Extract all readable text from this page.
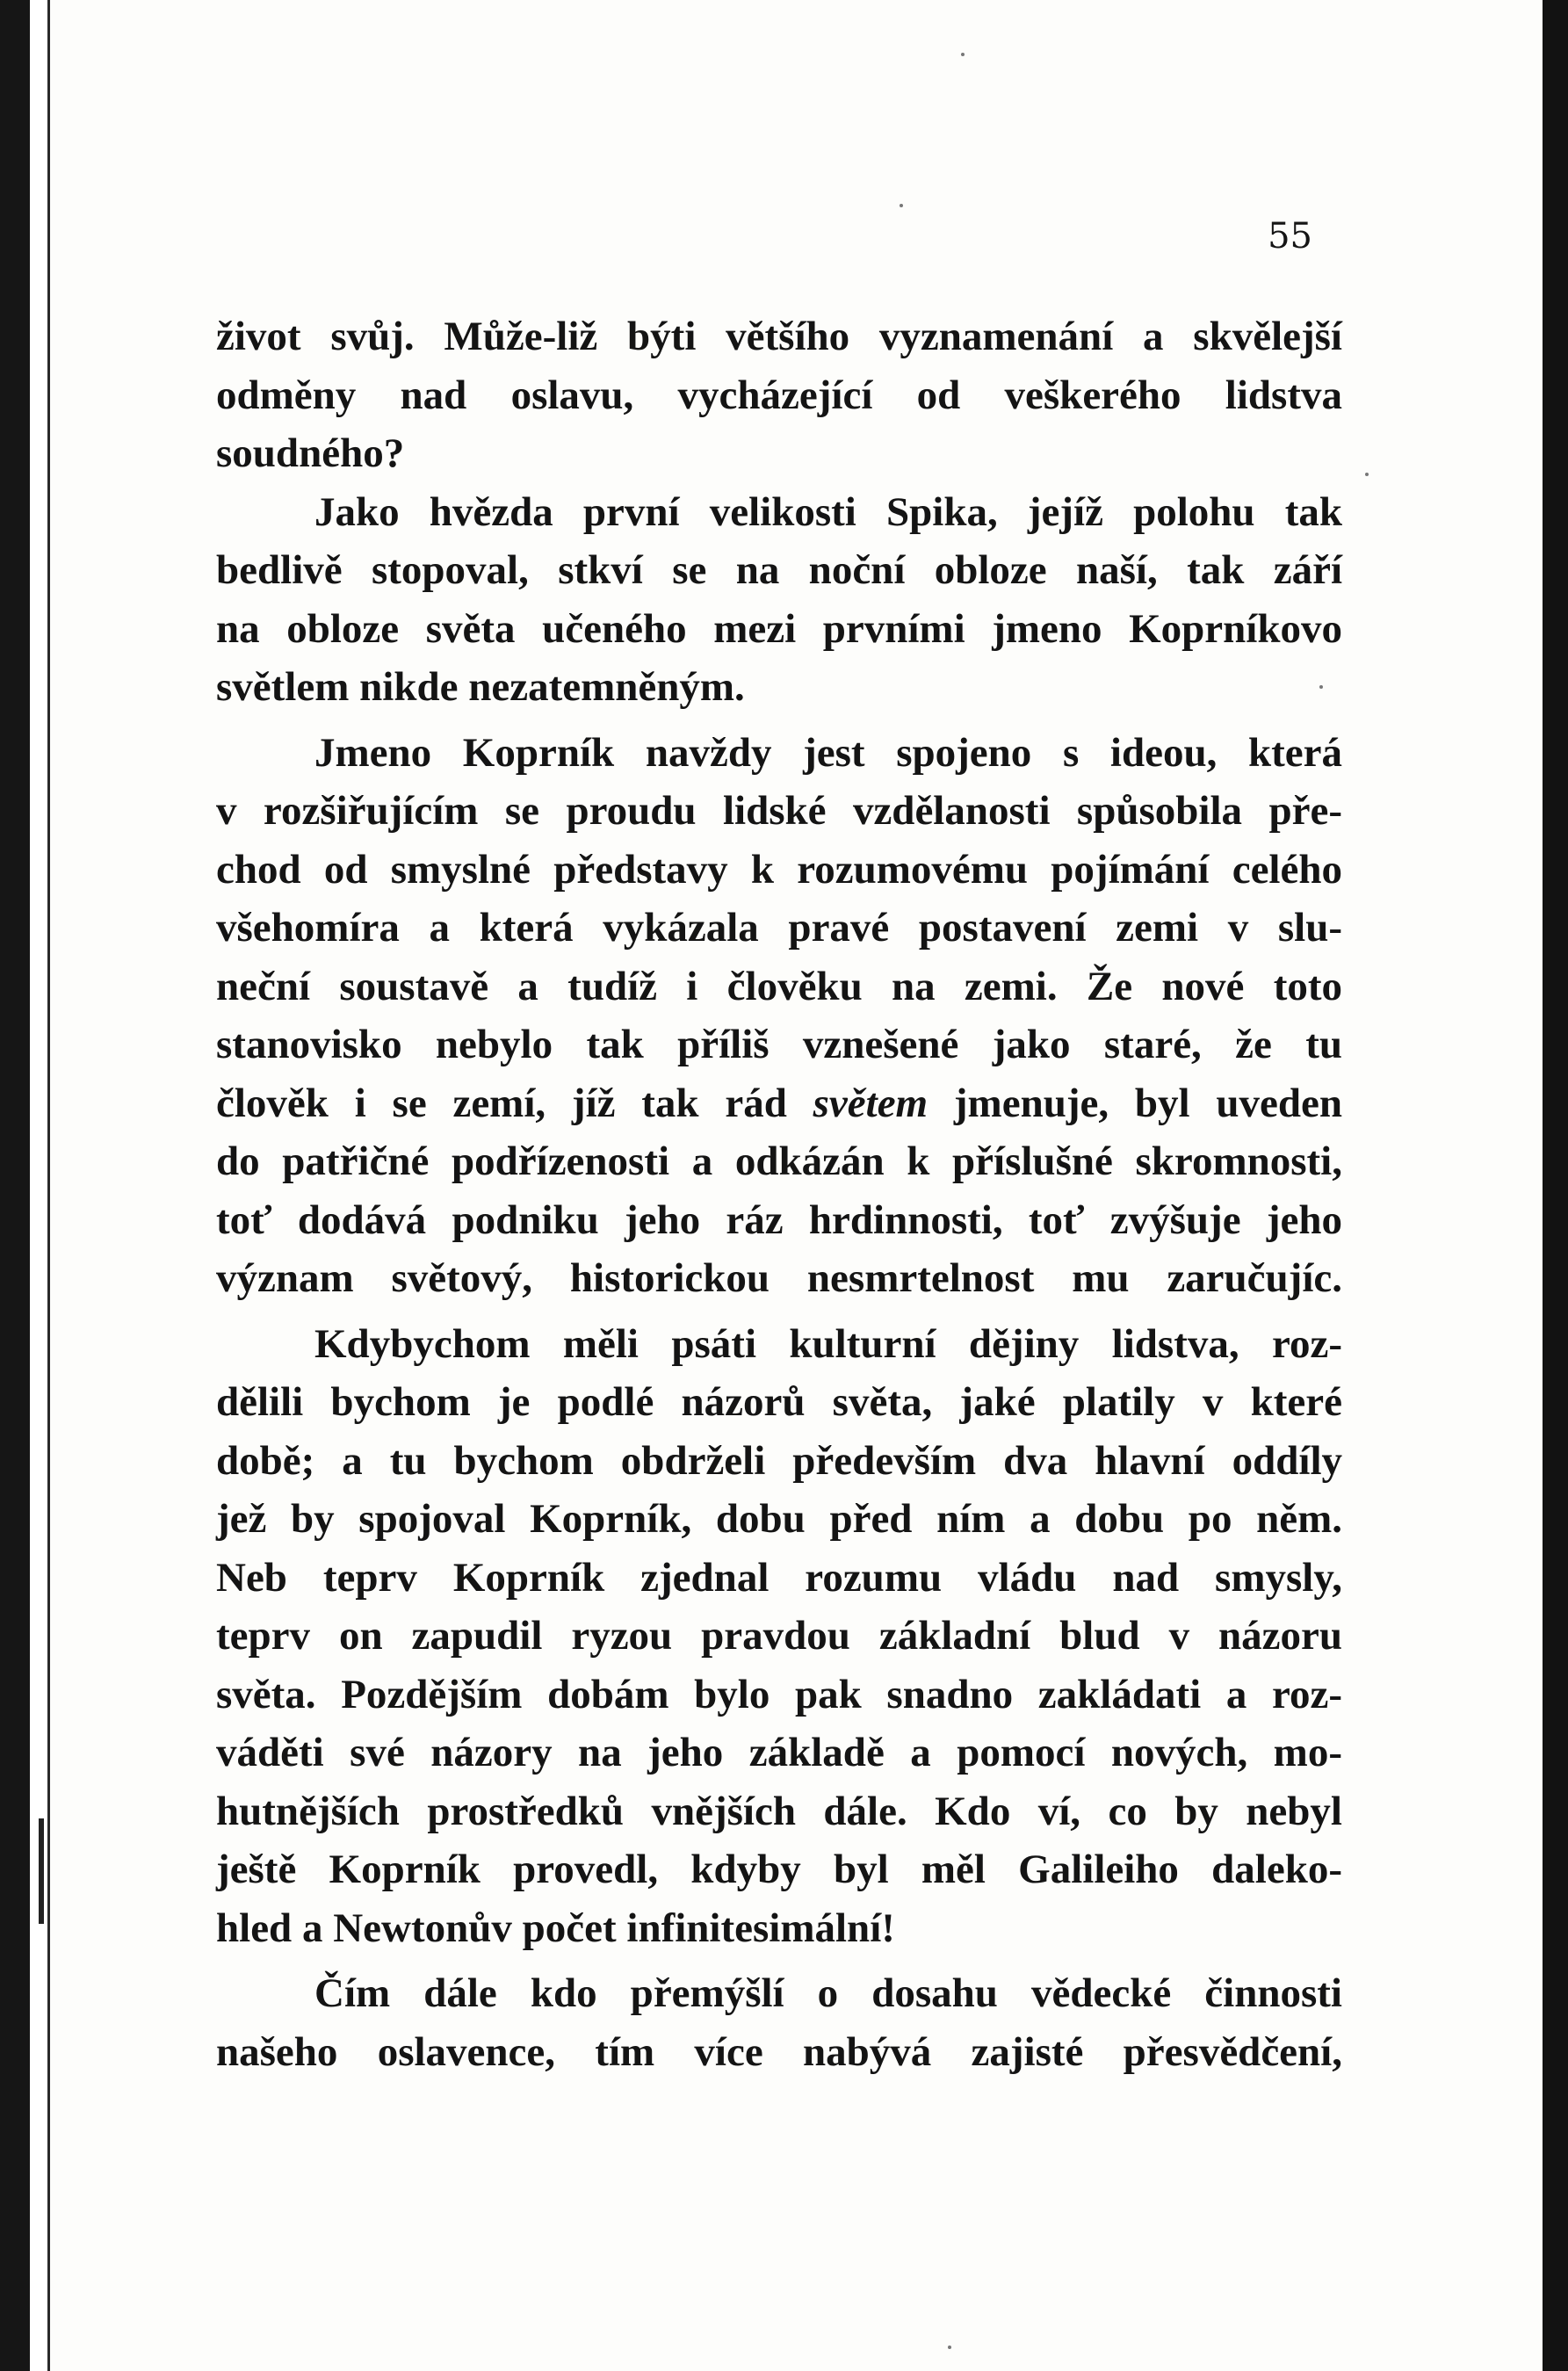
55
život svůj. Může-liž býti většího vyznamenání a skvělejší
odměny nad oslavu, vycházející od veškerého lidstva
soudného?
Jako hvězda první velikosti Spika, jejíž polohu tak
bedlivě stopoval, stkví se na noční obloze naší, tak září
na obloze světa učeného mezi prvními jmeno Koprníkovo
světlem nikde nezatemněným.
Jmeno Koprník navždy jest spojeno s ideou, která
v rozšiřujícím se proudu lidské vzdělanosti spůsobila pře-
chod od smyslné představy k rozumovému pojímání celého
všehomíra a která vykázala pravé postavení zemi v slu-
neční soustavě a tudíž i člověku na zemi. Že nové toto
stanovisko nebylo tak příliš vznešené jako staré, že tu
člověk i se zemí, jíž tak rád světem jmenuje, byl uveden
do patřičné podřízenosti a odkázán k příslušné skromnosti,
toť dodává podniku jeho ráz hrdinnosti, toť zvýšuje jeho
význam světový, historickou nesmrtelnost mu zaručujíc.
Kdybychom měli psáti kulturní dějiny lidstva, roz-
dělili bychom je podlé názorů světa, jaké platily v které
době; a tu bychom obdrželi především dva hlavní oddíly
jež by spojoval Koprník, dobu před ním a dobu po něm.
Neb teprv Koprník zjednal rozumu vládu nad smysly,
teprv on zapudil ryzou pravdou základní blud v názoru
světa. Pozdějším dobám bylo pak snadno zakládati a roz-
váděti své názory na jeho základě a pomocí nových, mo-
hutnějších prostředků vnějších dále. Kdo ví, co by nebyl
ještě Koprník provedl, kdyby byl měl Galileiho daleko-
hled a Newtonův počet infinitesimální!
Čím dále kdo přemýšlí o dosahu vědecké činnosti
našeho oslavence, tím více nabývá zajisté přesvědčení,
